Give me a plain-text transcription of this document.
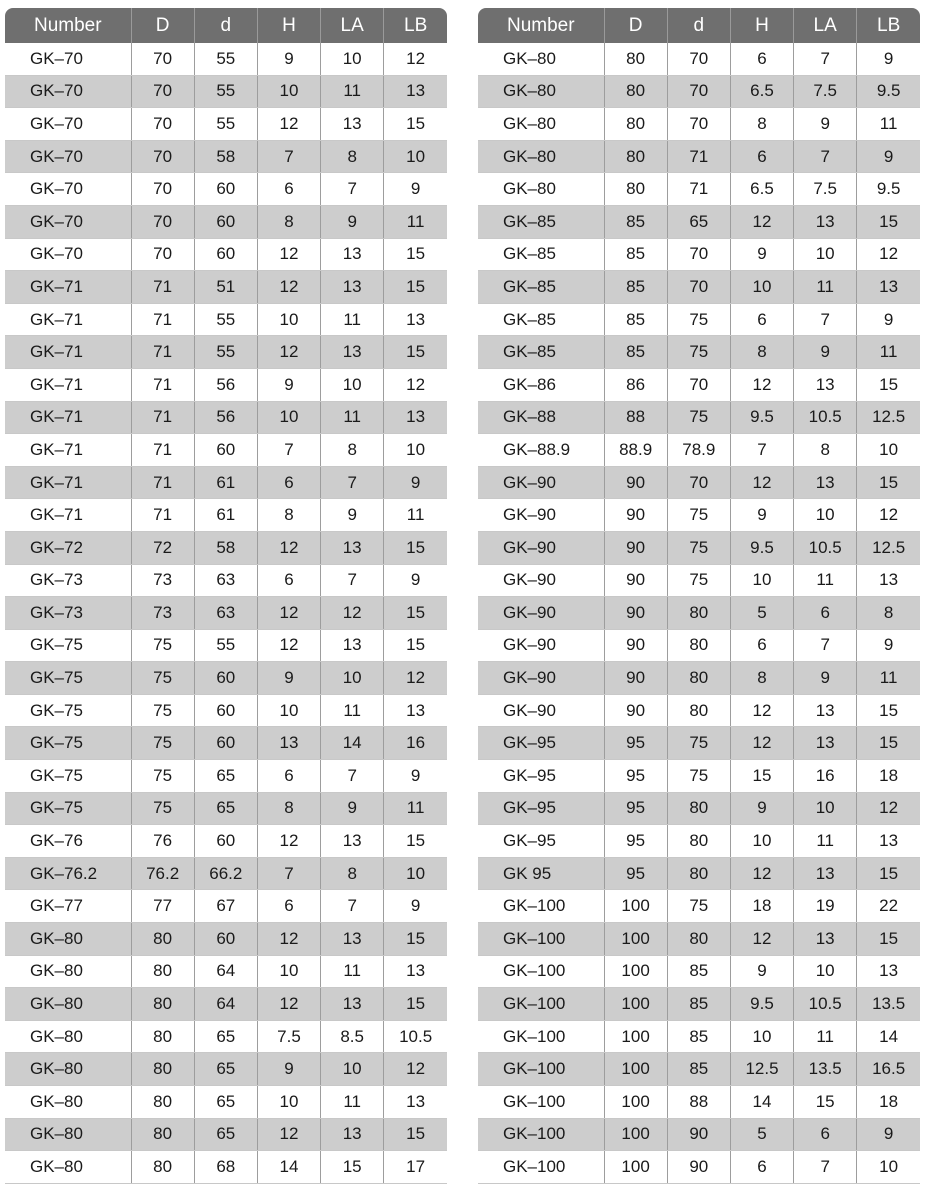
Number	D	d	H	LA	LB
GK–70	70	55	9	10	12
GK–70	70	55	10	11	13
GK–70	70	55	12	13	15
GK–70	70	58	7	8	10
GK–70	70	60	6	7	9
GK–70	70	60	8	9	11
GK–70	70	60	12	13	15
GK–71	71	51	12	13	15
GK–71	71	55	10	11	13
GK–71	71	55	12	13	15
GK–71	71	56	9	10	12
GK–71	71	56	10	11	13
GK–71	71	60	7	8	10
GK–71	71	61	6	7	9
GK–71	71	61	8	9	11
GK–72	72	58	12	13	15
GK–73	73	63	6	7	9
GK–73	73	63	12	12	15
GK–75	75	55	12	13	15
GK–75	75	60	9	10	12
GK–75	75	60	10	11	13
GK–75	75	60	13	14	16
GK–75	75	65	6	7	9
GK–75	75	65	8	9	11
GK–76	76	60	12	13	15
GK–76.2	76.2	66.2	7	8	10
GK–77	77	67	6	7	9
GK–80	80	60	12	13	15
GK–80	80	64	10	11	13
GK–80	80	64	12	13	15
GK–80	80	65	7.5	8.5	10.5
GK–80	80	65	9	10	12
GK–80	80	65	10	11	13
GK–80	80	65	12	13	15
GK–80	80	68	14	15	17
Number	D	d	H	LA	LB
GK–80	80	70	6	7	9
GK–80	80	70	6.5	7.5	9.5
GK–80	80	70	8	9	11
GK–80	80	71	6	7	9
GK–80	80	71	6.5	7.5	9.5
GK–85	85	65	12	13	15
GK–85	85	70	9	10	12
GK–85	85	70	10	11	13
GK–85	85	75	6	7	9
GK–85	85	75	8	9	11
GK–86	86	70	12	13	15
GK–88	88	75	9.5	10.5	12.5
GK–88.9	88.9	78.9	7	8	10
GK–90	90	70	12	13	15
GK–90	90	75	9	10	12
GK–90	90	75	9.5	10.5	12.5
GK–90	90	75	10	11	13
GK–90	90	80	5	6	8
GK–90	90	80	6	7	9
GK–90	90	80	8	9	11
GK–90	90	80	12	13	15
GK–95	95	75	12	13	15
GK–95	95	75	15	16	18
GK–95	95	80	9	10	12
GK–95	95	80	10	11	13
GK 95	95	80	12	13	15
GK–100	100	75	18	19	22
GK–100	100	80	12	13	15
GK–100	100	85	9	10	13
GK–100	100	85	9.5	10.5	13.5
GK–100	100	85	10	11	14
GK–100	100	85	12.5	13.5	16.5
GK–100	100	88	14	15	18
GK–100	100	90	5	6	9
GK–100	100	90	6	7	10
